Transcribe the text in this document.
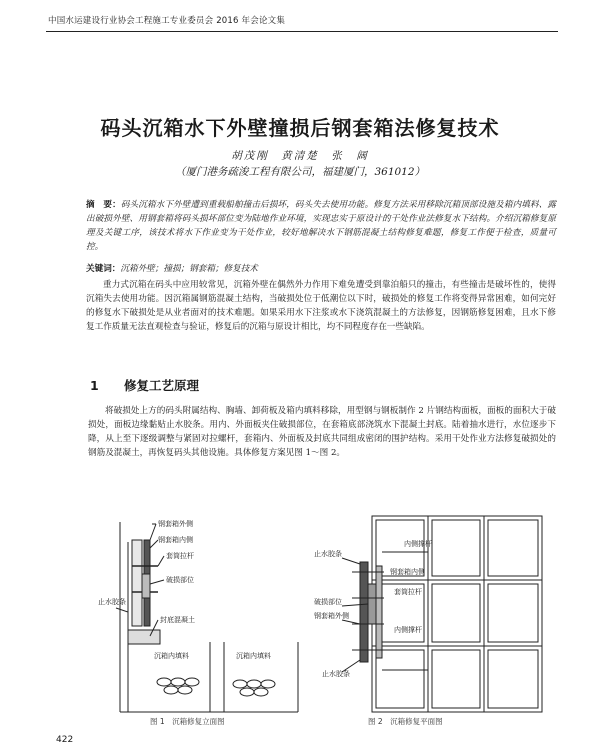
中国水运建设行业协会工程施工专业委员会 2016 年会论文集
码头沉箱水下外壁撞损后钢套箱法修复技术
胡茂刚　黄清楚　张　阔
（厦门港务疏浚工程有限公司，福建厦门，361012）
摘　要：码头沉箱水下外壁遭到重载船舶撞击后损坏，码头失去使用功能。修复方法采用移除沉箱顶部设施及箱内填料、露出破损外壁、用钢套箱将码头损坏部位变为陆地作业环境，实现忠实于原设计的干处作业法修复水下结构。介绍沉箱修复原理及关键工序，该技术将水下作业变为干处作业，较好地解决水下钢筋混凝土结构修复难题，修复工作便于检查，质量可控。
关键词：沉箱外壁；撞损；钢套箱；修复技术
重力式沉箱在码头中应用较常见，沉箱外壁在偶然外力作用下难免遭受到靠泊船只的撞击，有些撞击是破坏性的，使得沉箱失去使用功能。因沉箱属钢筋混凝土结构，当破损处位于低潮位以下时，破损处的修复工作将变得异常困难，如何完好的修复水下破损处是从业者面对的技术难题。如果采用水下注浆或水下浇筑混凝土的方法修复，因钢筋修复困难，且水下修复工作质量无法直观检查与验证，修复后的沉箱与原设计相比，均不同程度存在一些缺陷。
1 修复工艺原理
将破损处上方的码头附属结构、胸墙、卸荷板及箱内填料移除，用型钢与钢板制作 2 片钢结构面板，面板的面积大于破损处，面板边缘黏贴止水胶条。用内、外面板夹住破损部位，在套箱底部浇筑水下混凝土封底。陆着抽水进行，水位逐步下降，从上至下逐级调整与紧固对拉螺杆，套箱内、外面板及封底共同组成密闭的围护结构。采用干处作业方法修复破损处的钢筋及混凝土，再恢复码头其他设施。具体修复方案见图 1～图 2。
钢套箱外侧
钢套箱内侧
套筒拉杆
破损部位
止水胶条
封底混凝土
沉箱内填料	沉箱内填料
图 1　沉箱修复立面图
止水胶条
内侧撑杆
钢套箱内侧
套筒拉杆
破损部位
钢套箱外侧
内侧撑杆
止水胶条
图 2　沉箱修复平面图
422
